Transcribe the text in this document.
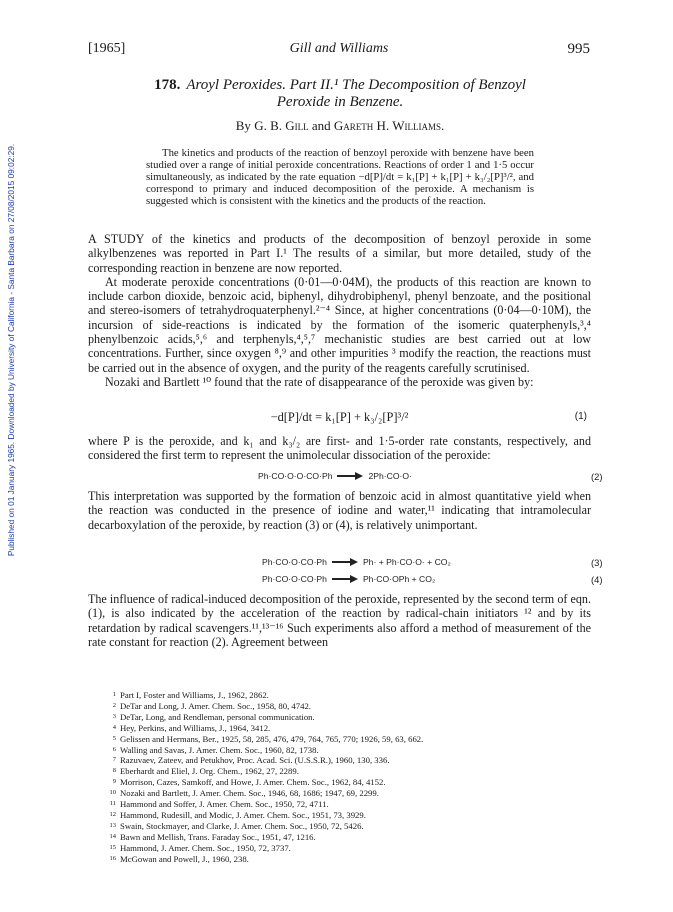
Published on 01 January 1965. Downloaded by University of California - Santa Barbara on 27/08/2015 09:02:29.
[1965]	Gill and Williams	995
178. Aroyl Peroxides. Part II.¹ The Decomposition of Benzoyl
Peroxide in Benzene.
By G. B. Gill and Gareth H. Williams.
The kinetics and products of the reaction of benzoyl peroxide with benzene have been studied over a range of initial peroxide concentrations. Reactions of order 1 and 1·5 occur simultaneously, as indicated by the rate equation −d[P]/dt = k₁[P] + k₁[P] + k₃/₂[P]³/², and correspond to primary and induced decomposition of the peroxide. A mechanism is suggested which is consistent with the kinetics and the products of the reaction.

A STUDY of the kinetics and products of the decomposition of benzoyl peroxide in some alkylbenzenes was reported in Part I.¹ The results of a similar, but more detailed, study of the corresponding reaction in benzene are now reported.

At moderate peroxide concentrations (0·01—0·04M), the products of this reaction are known to include carbon dioxide, benzoic acid, biphenyl, dihydrobiphenyl, phenyl benzoate, and the positional and stereo-isomers of tetrahydroquaterphenyl.²⁻⁴ Since, at higher concentrations (0·04—0·10M), the incursion of side-reactions is indicated by the formation of the isomeric quaterphenyls,³,⁴ phenylbenzoic acids,⁵,⁶ and terphenyls,⁴,⁵,⁷ mechanistic studies are best carried out at low concentrations. Further, since oxygen ⁸,⁹ and other impurities ³ modify the reaction, the reactions must be carried out in the absence of oxygen, and the purity of the reagents carefully scrutinised.

Nozaki and Bartlett ¹⁰ found that the rate of disappearance of the peroxide was given by:

−d[P]/dt = k₁[P] + k₃/₂[P]³/²	(1)

where P is the peroxide, and k₁ and k₃/₂ are first- and 1·5-order rate constants, respectively, and considered the first term to represent the unimolecular dissociation of the peroxide:

Ph·CO·O·O·CO·Ph	2Ph·CO·O·	(2)

This interpretation was supported by the formation of benzoic acid in almost quantitative yield when the reaction was conducted in the presence of iodine and water,¹¹ indicating that intramolecular decarboxylation of the peroxide, by reaction (3) or (4), is relatively unimportant.

Ph·CO·O·CO·Ph	Ph· + Ph·CO·O· + CO₂	(3)
Ph·CO·O·CO·Ph	Ph·CO·OPh + CO₂	(4)

The influence of radical-induced decomposition of the peroxide, represented by the second term of eqn. (1), is also indicated by the acceleration of the reaction by radical-chain initiators ¹² and by its retardation by radical scavengers.¹¹,¹³⁻¹⁶ Such experiments also afford a method of measurement of the rate constant for reaction (2). Agreement between

1 Part I, Foster and Williams, J., 1962, 2862.
2 DeTar and Long, J. Amer. Chem. Soc., 1958, 80, 4742.
3 DeTar, Long, and Rendleman, personal communication.
4 Hey, Perkins, and Williams, J., 1964, 3412.
5 Gelissen and Hermans, Ber., 1925, 58, 285, 476, 479, 764, 765, 770; 1926, 59, 63, 662.
6 Walling and Savas, J. Amer. Chem. Soc., 1960, 82, 1738.
7 Razuvaev, Zateev, and Petukhov, Proc. Acad. Sci. (U.S.S.R.), 1960, 130, 336.
8 Eberhardt and Eliel, J. Org. Chem., 1962, 27, 2289.
9 Morrison, Cazes, Samkoff, and Howe, J. Amer. Chem. Soc., 1962, 84, 4152.
10 Nozaki and Bartlett, J. Amer. Chem. Soc., 1946, 68, 1686; 1947, 69, 2299.
11 Hammond and Soffer, J. Amer. Chem. Soc., 1950, 72, 4711.
12 Hammond, Rudesill, and Modic, J. Amer. Chem. Soc., 1951, 73, 3929.
13 Swain, Stockmayer, and Clarke, J. Amer. Chem. Soc., 1950, 72, 5426.
14 Bawn and Mellish, Trans. Faraday Soc., 1951, 47, 1216.
15 Hammond, J. Amer. Chem. Soc., 1950, 72, 3737.
16 McGowan and Powell, J., 1960, 238.
